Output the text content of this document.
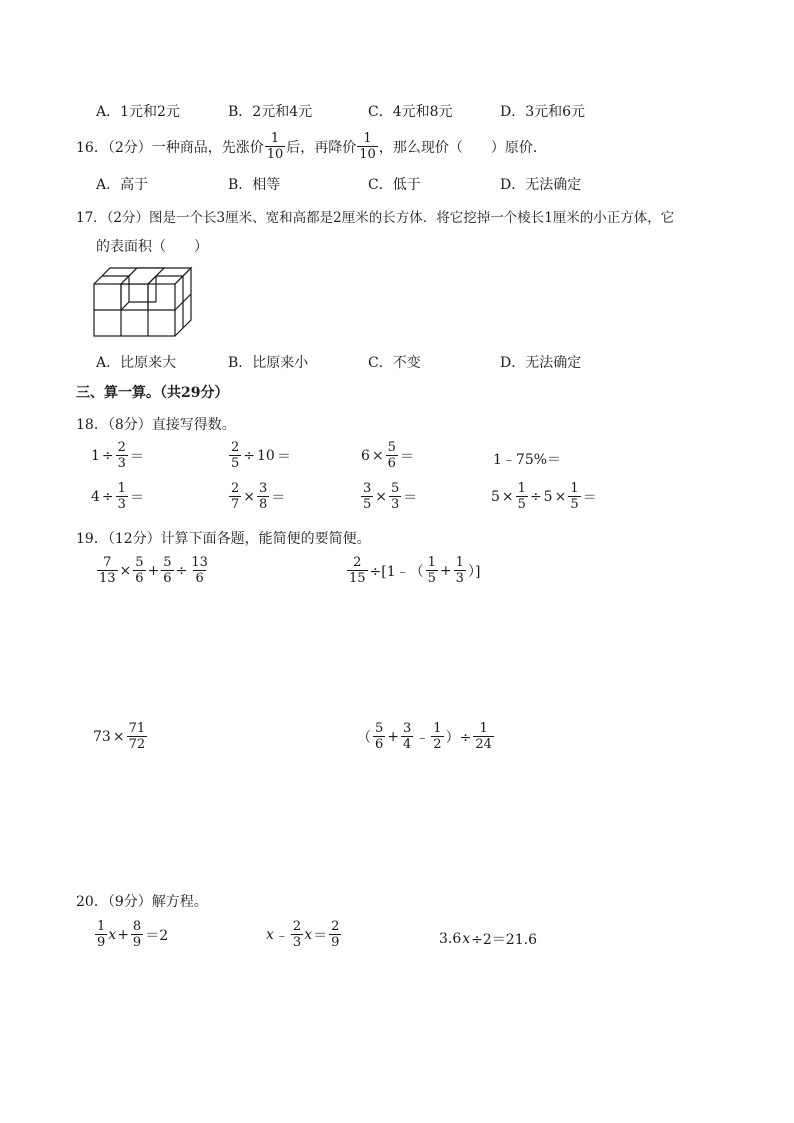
A．1元和2元	B．2元和4元	C．4元和8元	D．3元和6元
16．（2分）一种商品，先涨价
1
10 后，再降价
1
10 ，那么现价（　　）原价．
A．高于	B．相等	C．低于	D．无法确定
17．（2分）图是一个长3厘米、宽和高都是2厘米的长方体．将它挖掉一个棱长1厘米的小正方体，它
的表面积（　　）
A．比原来大	B．比原来小	C．不变	D．无法确定
三、算一算。（共29分）
18．（8分）直接写得数。
$1 \div \frac{2}{3}$ ＝	$\frac{2}{5} \div 10$ ＝	$6 \times \frac{5}{6}$ ＝	1﹣75%＝
$4 \div \frac{1}{3}$ ＝	$\frac{2}{7} \times \frac{3}{8}$ ＝	$\frac{3}{5} \times \frac{5}{3}$ ＝	$5 \times \frac{1}{5} \div 5 \times \frac{1}{5}$ ＝
19．（12分）计算下面各题，能简便的要简便。
$\frac{7}{13} \times \frac{5}{6} + \frac{5}{6} \div \frac{13}{6}$	$\frac{2}{15}$ ÷[1﹣（
1
$5 + \frac{1}{3}$ ）]
$73 \times \frac{71}{72}$	（
5
$6 + \frac{3}{4}$ ﹣
1
2 ）÷ $\frac{1}{24}$
20．（9分）解方程。
1
9 $x + \frac{8}{9} =2$	x ﹣
2
3 x ＝
2
9	3.6 x ÷2＝21.6
